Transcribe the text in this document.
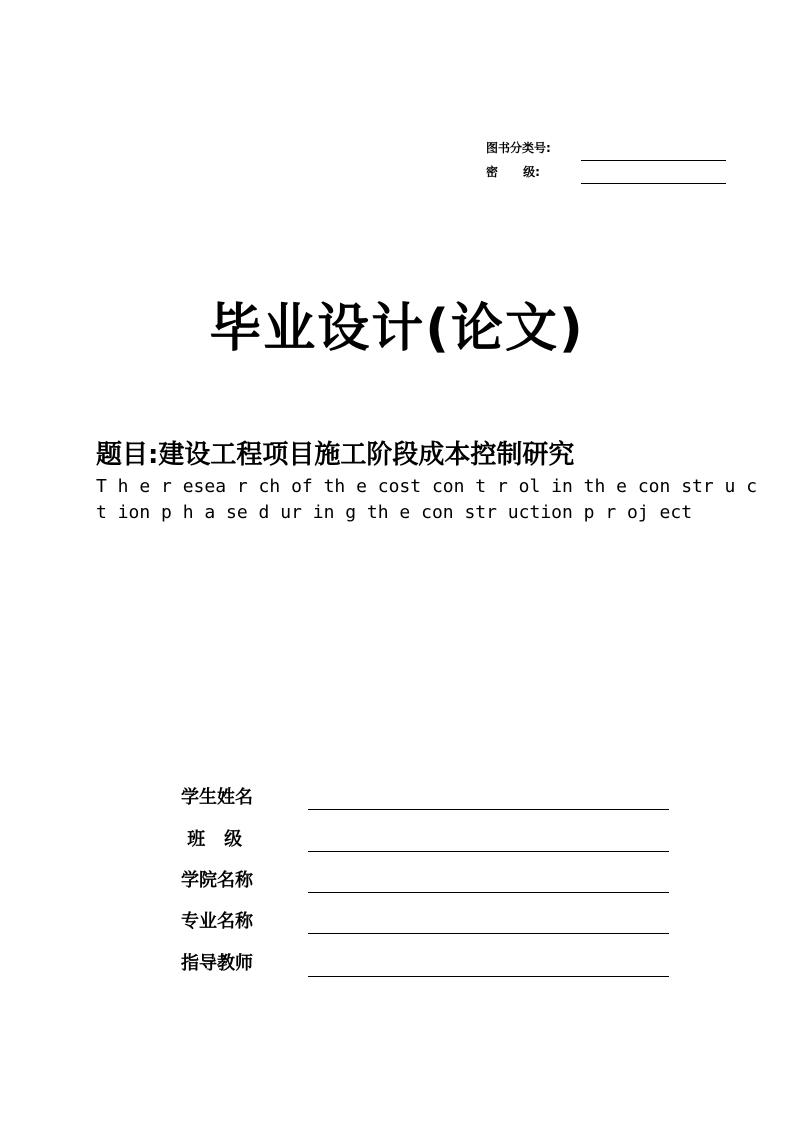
图书分类号:
密      级:
毕业设计(论文)
题目:建设工程项目施工阶段成本控制研究
T h e r esea r ch of th e cost con t r ol in th e con str u c
t ion p h a se d ur in g th e con str uction p r oj ect
学生姓名
班   级
学院名称
专业名称
指导教师
